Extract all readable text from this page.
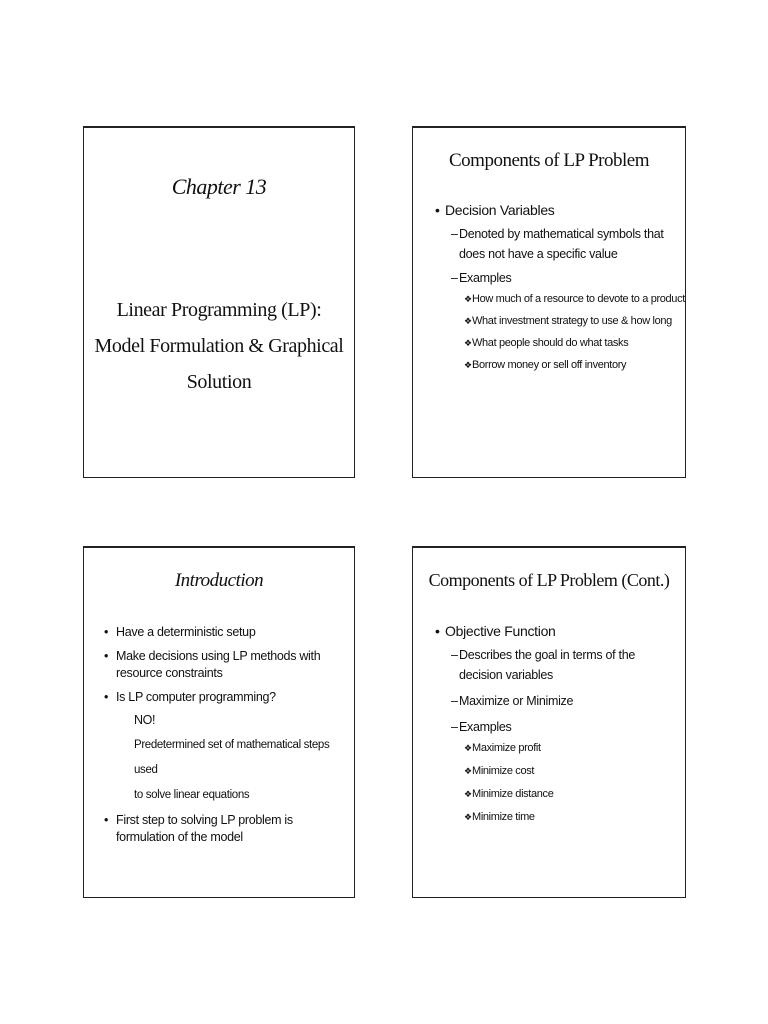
Chapter 13
Linear Programming (LP):
Model Formulation & Graphical
Solution
Components of LP Problem
• Decision Variables
– Denoted by mathematical symbols that
does not have a specific value
– Examples
❖ How much of a resource to devote to a product
❖ What investment strategy to use & how long
❖ What people should do what tasks
❖ Borrow money or sell off inventory
Introduction
• Have a deterministic setup
• Make decisions using LP methods with resource constraints
• Is LP computer programming?
NO!
Predetermined set of mathematical steps used
to solve linear equations
• First step to solving LP problem is formulation of the model
Components of LP Problem (Cont.)
• Objective Function
– Describes the goal in terms of the decision variables
– Maximize or Minimize
– Examples
❖ Maximize profit
❖ Minimize cost
❖ Minimize distance
❖ Minimize time
